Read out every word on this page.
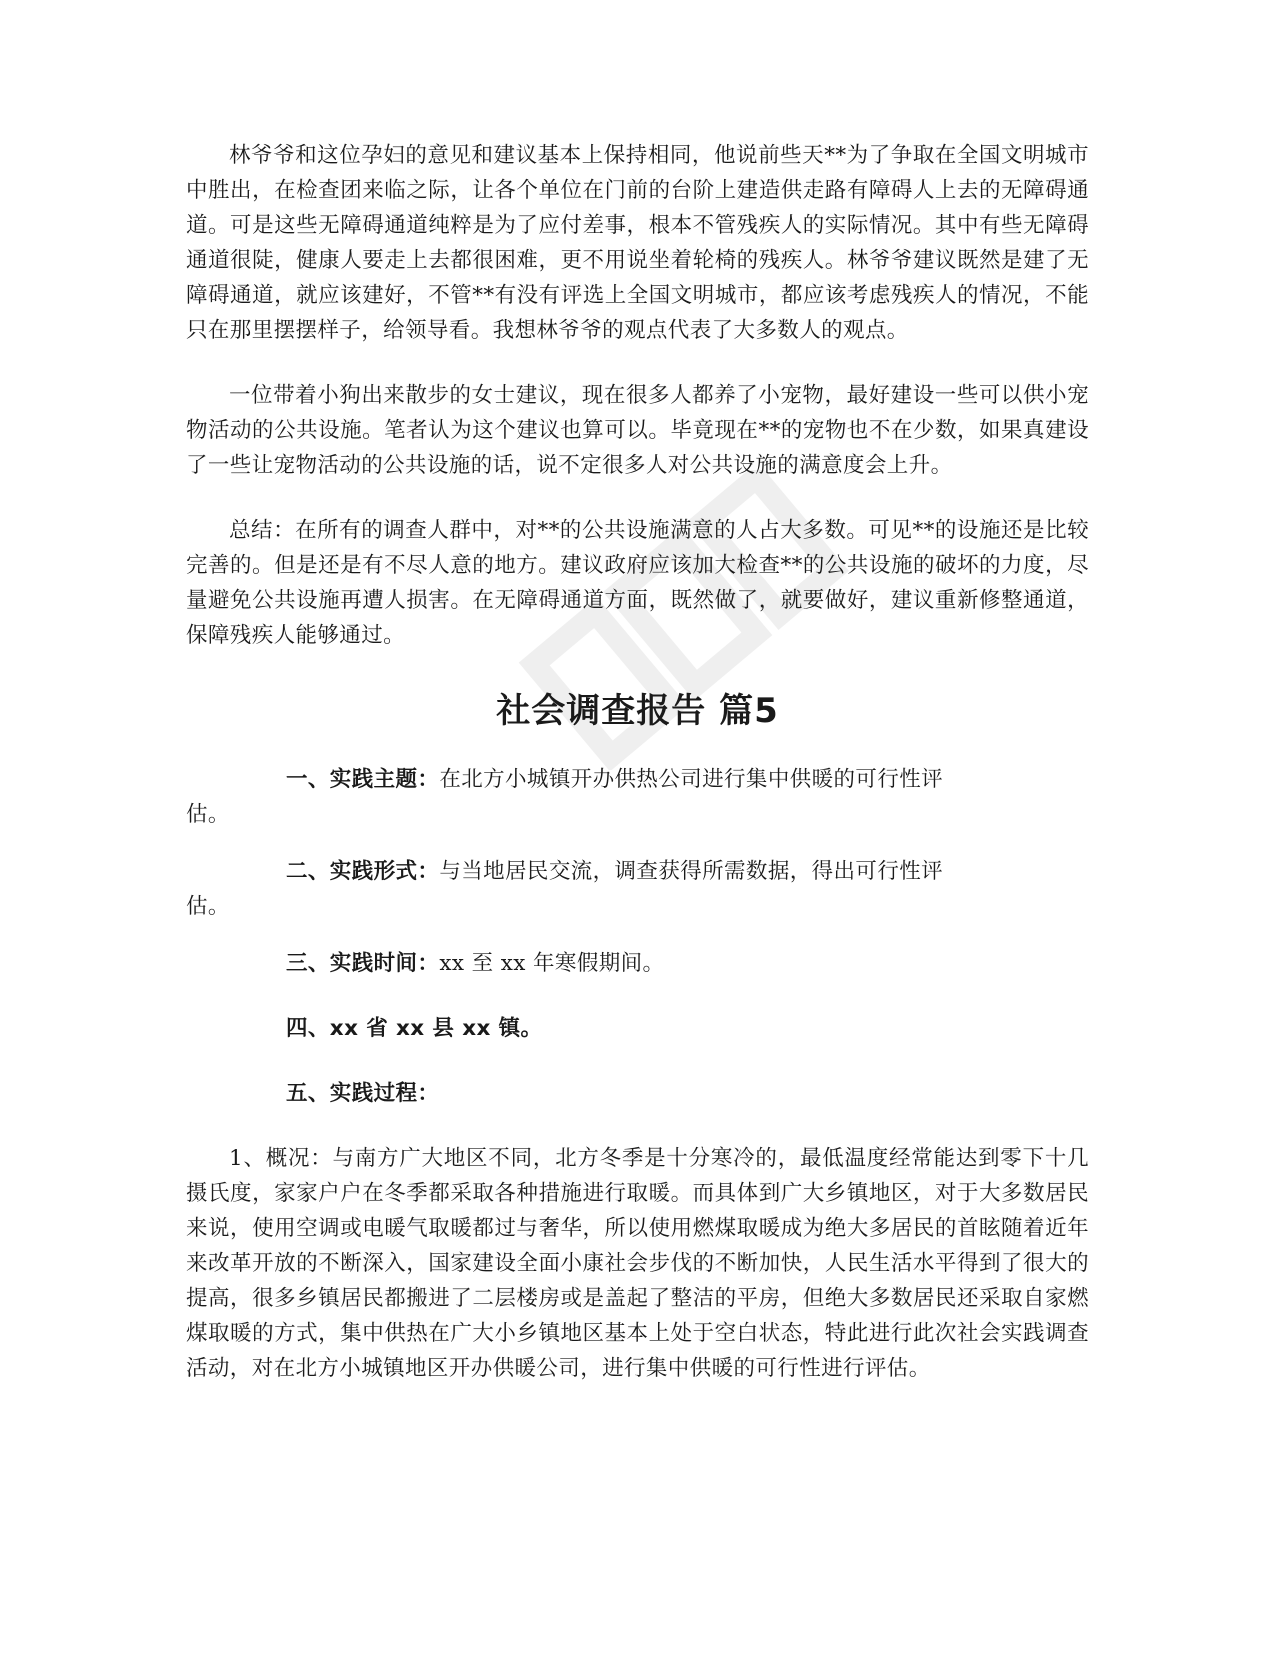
林爷爷和这位孕妇的意见和建议基本上保持相同，他说前些天**为了争取在全国文明城市中胜出，在检查团来临之际，让各个单位在门前的台阶上建造供走路有障碍人上去的无障碍通道。可是这些无障碍通道纯粹是为了应付差事，根本不管残疾人的实际情况。其中有些无障碍通道很陡，健康人要走上去都很困难，更不用说坐着轮椅的残疾人。林爷爷建议既然是建了无障碍通道，就应该建好，不管**有没有评选上全国文明城市，都应该考虑残疾人的情况，不能只在那里摆摆样子，给领导看。我想林爷爷的观点代表了大多数人的观点。

一位带着小狗出来散步的女士建议，现在很多人都养了小宠物，最好建设一些可以供小宠物活动的公共设施。笔者认为这个建议也算可以。毕竟现在**的宠物也不在少数，如果真建设了一些让宠物活动的公共设施的话，说不定很多人对公共设施的满意度会上升。

总结：在所有的调查人群中，对**的公共设施满意的人占大多数。可见**的设施还是比较完善的。但是还是有不尽人意的地方。建议政府应该加大检查**的公共设施的破坏的力度，尽量避免公共设施再遭人损害。在无障碍通道方面，既然做了，就要做好，建议重新修整通道，保障残疾人能够通过。

社会调查报告 篇5
一、实践主题：在北方小城镇开办供热公司进行集中供暖的可行性评
估。
二、实践形式：与当地居民交流，调查获得所需数据，得出可行性评
估。
三、实践时间：xx 至 xx 年寒假期间。
四、xx 省 xx 县 xx 镇。
五、实践过程：

1、概况：与南方广大地区不同，北方冬季是十分寒冷的，最低温度经常能达到零下十几摄氏度，家家户户在冬季都采取各种措施进行取暖。而具体到广大乡镇地区，对于大多数居民来说，使用空调或电暖气取暖都过与奢华，所以使用燃煤取暖成为绝大多居民的首眩随着近年来改革开放的不断深入，国家建设全面小康社会步伐的不断加快，人民生活水平得到了很大的提高，很多乡镇居民都搬进了二层楼房或是盖起了整洁的平房，但绝大多数居民还采取自家燃煤取暖的方式，集中供热在广大小乡镇地区基本上处于空白状态，特此进行此次社会实践调查活动，对在北方小城镇地区开办供暖公司，进行集中供暖的可行性进行评估。
